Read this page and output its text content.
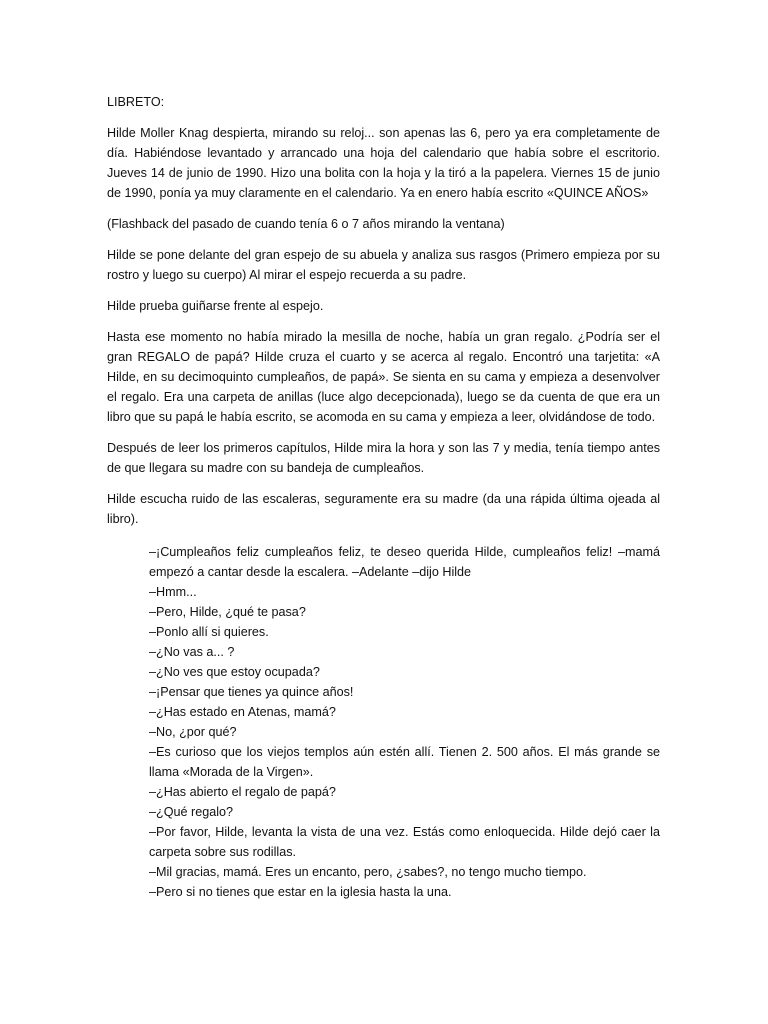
LIBRETO:

Hilde Moller Knag despierta, mirando su reloj... son apenas las 6, pero ya era completamente de día. Habiéndose levantado y arrancado una hoja del calendario que había sobre el escritorio. Jueves 14 de junio de 1990. Hizo una bolita con la hoja y la tiró a la papelera. Viernes 15 de junio de 1990, ponía ya muy claramente en el calendario. Ya en enero había escrito «QUINCE AÑOS»

(Flashback del pasado de cuando tenía 6 o 7 años mirando la ventana)

Hilde se pone delante del gran espejo de su abuela y analiza sus rasgos (Primero empieza por su rostro y luego su cuerpo) Al mirar el espejo recuerda a su padre.

Hilde prueba guiñarse frente al espejo.

Hasta ese momento no había mirado la mesilla de noche, había un gran regalo. ¿Podría ser el gran REGALO de papá? Hilde cruza el cuarto y se acerca al regalo. Encontró una tarjetita: «A Hilde, en su decimoquinto cumpleaños, de papá». Se sienta en su cama y empieza a desenvolver el regalo. Era una carpeta de anillas (luce algo decepcionada), luego se da cuenta de que era un libro que su papá le había escrito, se acomoda en su cama y empieza a leer, olvidándose de todo.

Después de leer los primeros capítulos, Hilde mira la hora y son las 7 y media, tenía tiempo antes de que llegara su madre con su bandeja de cumpleaños.

Hilde escucha ruido de las escaleras, seguramente era su madre (da una rápida última ojeada al libro).

–¡Cumpleaños feliz cumpleaños feliz, te deseo querida Hilde, cumpleaños feliz! –mamá empezó a cantar desde la escalera. –Adelante –dijo Hilde

–Hmm...

–Pero, Hilde, ¿qué te pasa?

–Ponlo allí si quieres.

–¿No vas a... ?

–¿No ves que estoy ocupada?

–¡Pensar que tienes ya quince años!

–¿Has estado en Atenas, mamá?

–No, ¿por qué?

–Es curioso que los viejos templos aún estén allí. Tienen 2. 500 años. El más grande se llama «Morada de la Virgen».

–¿Has abierto el regalo de papá?

–¿Qué regalo?

–Por favor, Hilde, levanta la vista de una vez. Estás como enloquecida. Hilde dejó caer la carpeta sobre sus rodillas.

–Mil gracias, mamá. Eres un encanto, pero, ¿sabes?, no tengo mucho tiempo.

–Pero si no tienes que estar en la iglesia hasta la una.
